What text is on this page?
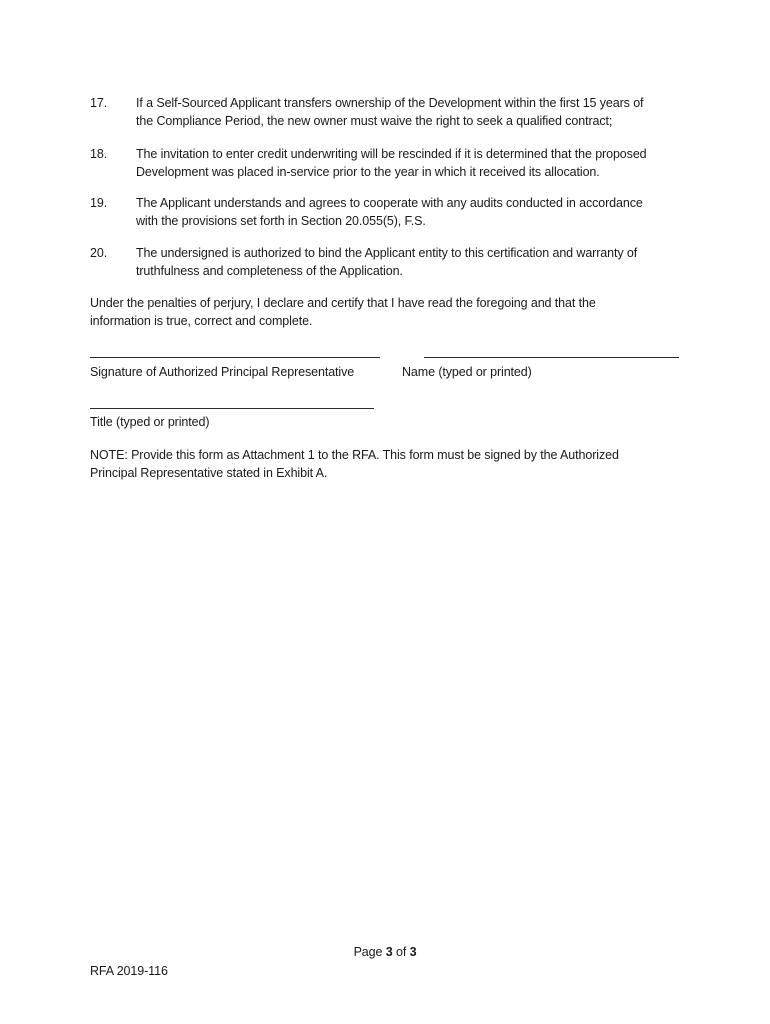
17. If a Self-Sourced Applicant transfers ownership of the Development within the first 15 years of
the Compliance Period, the new owner must waive the right to seek a qualified contract;
18. The invitation to enter credit underwriting will be rescinded if it is determined that the proposed
Development was placed in-service prior to the year in which it received its allocation.
19. The Applicant understands and agrees to cooperate with any audits conducted in accordance
with the provisions set forth in Section 20.055(5), F.S.
20. The undersigned is authorized to bind the Applicant entity to this certification and warranty of
truthfulness and completeness of the Application.
Under the penalties of perjury, I declare and certify that I have read the foregoing and that the
information is true, correct and complete.
Signature of Authorized Principal Representative	Name (typed or printed)
Title (typed or printed)
NOTE: Provide this form as Attachment 1 to the RFA. This form must be signed by the Authorized
Principal Representative stated in Exhibit A.
Page 3 of 3
RFA 2019-116
